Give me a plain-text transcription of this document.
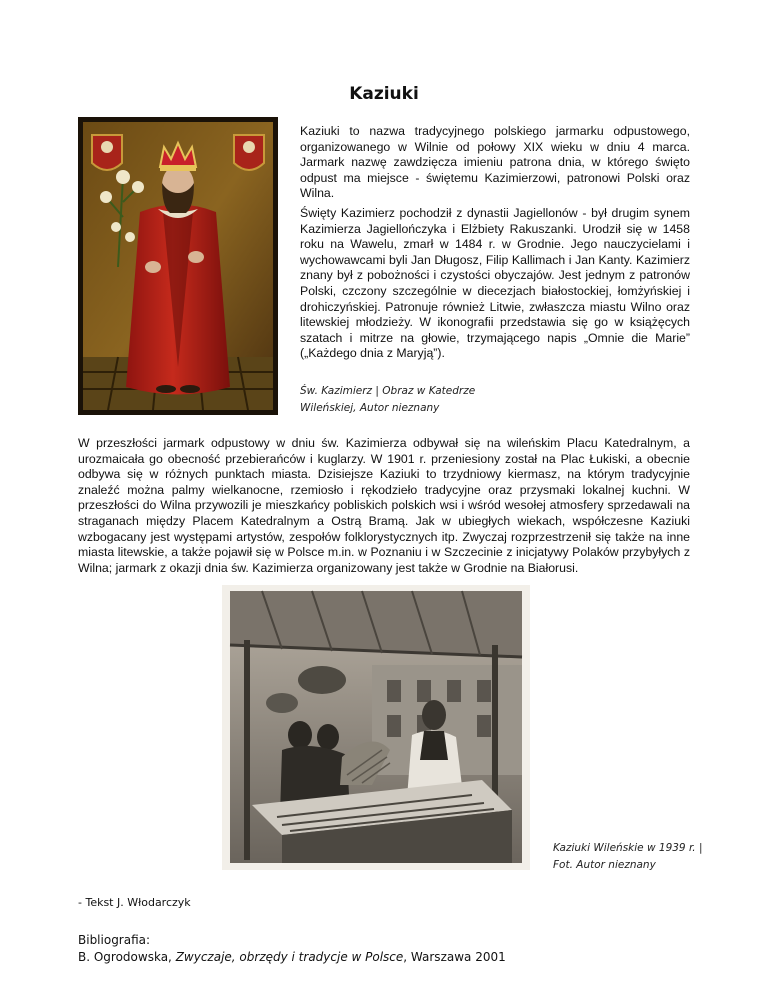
Kaziuki

Kaziuki to nazwa tradycyjnego polskiego jarmarku odpustowego, organizowanego w Wilnie od połowy XIX wieku w dniu 4 marca. Jarmark nazwę zawdzięcza imieniu patrona dnia, w którego święto odpust ma miejsce - świętemu Kazimierzowi, patronowi Polski oraz Wilna.

Święty Kazimierz pochodził z dynastii Jagiellonów - był drugim synem Kazimierza Jagiellończyka i Elżbiety Rakuszanki. Urodził się w 1458 roku na Wawelu, zmarł w 1484 r. w Grodnie. Jego nauczycielami i wychowawcami byli Jan Długosz, Filip Kallimach i Jan Kanty. Kazimierz znany był z pobożności i czystości obyczajów. Jest jednym z patronów Polski, czczony szczególnie w diecezjach białostockiej, łomżyńskiej i drohiczyńskiej. Patronuje również Litwie, zwłaszcza miastu Wilno oraz litewskiej młodzieży. W ikonografii przedstawia się go w książęcych szatach i mitrze na głowie, trzymającego napis „Omnie die Marie” („Każdego dnia z Maryją”).

Św. Kazimierz | Obraz w Katedrze Wileńskiej, Autor nieznany

W przeszłości jarmark odpustowy w dniu św. Kazimierza odbywał się na wileńskim Placu Katedralnym, a urozmaicała go obecność przebierańców i kuglarzy. W 1901 r. przeniesiony został na Plac Łukiski, a obecnie odbywa się w różnych punktach miasta. Dzisiejsze Kaziuki to trzydniowy kiermasz, na którym tradycyjnie znaleźć można palmy wielkanocne, rzemiosło i rękodzieło tradycyjne oraz przysmaki lokalnej kuchni. W przeszłości do Wilna przywozili je mieszkańcy pobliskich polskich wsi i wśród wesołej atmosfery sprzedawali na straganach między Placem Katedralnym a Ostrą Bramą. Jak w ubiegłych wiekach, współczesne Kaziuki wzbogacany jest występami artystów, zespołów folklorystycznych itp. Zwyczaj rozprzestrzenił się także na inne miasta litewskie, a także pojawił się w Polsce m.in. w Poznaniu i w Szczecinie z inicjatywy Polaków przybyłych z Wilna; jarmark z okazji dnia św. Kazimierza organizowany jest także w Grodnie na Białorusi.

Kaziuki Wileńskie w 1939 r. | Fot. Autor nieznany
- Tekst J. Włodarczyk
Bibliografia:
B. Ogrodowska, Zwyczaje, obrzędy i tradycje w Polsce, Warszawa 2001
